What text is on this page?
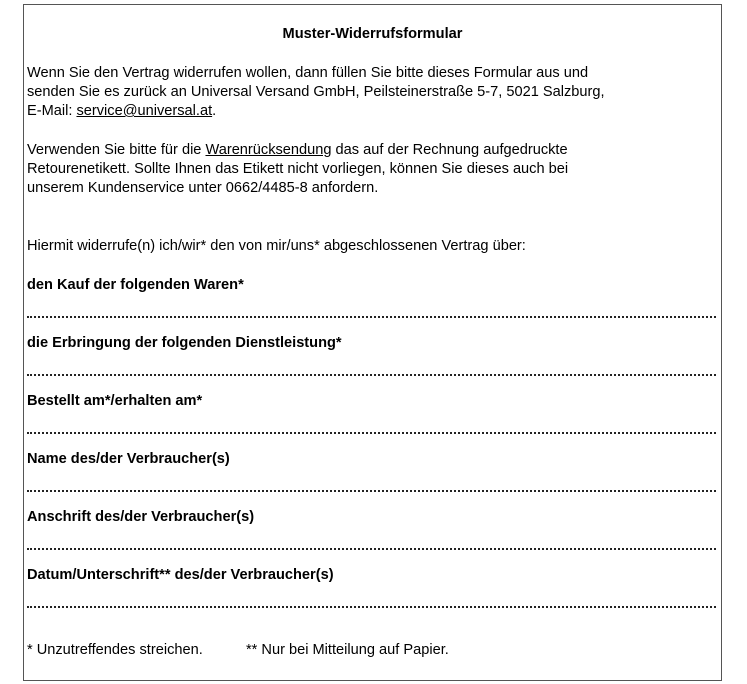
Muster-Widerrufsformular
Wenn Sie den Vertrag widerrufen wollen, dann füllen Sie bitte dieses Formular aus und
senden Sie es zurück an Universal Versand GmbH, Peilsteinerstraße 5-7, 5021 Salzburg,
E-Mail: service@universal.at.
Verwenden Sie bitte für die Warenrücksendung das auf der Rechnung aufgedruckte
Retourenetikett. Sollte Ihnen das Etikett nicht vorliegen, können Sie dieses auch bei
unserem Kundenservice unter 0662/4485-8 anfordern.
Hiermit widerrufe(n) ich/wir* den von mir/uns* abgeschlossenen Vertrag über:
den Kauf der folgenden Waren*
die Erbringung der folgenden Dienstleistung*
Bestellt am*/erhalten am*
Name des/der Verbraucher(s)
Anschrift des/der Verbraucher(s)
Datum/Unterschrift** des/der Verbraucher(s)
* Unzutreffendes streichen.	** Nur bei Mitteilung auf Papier.
